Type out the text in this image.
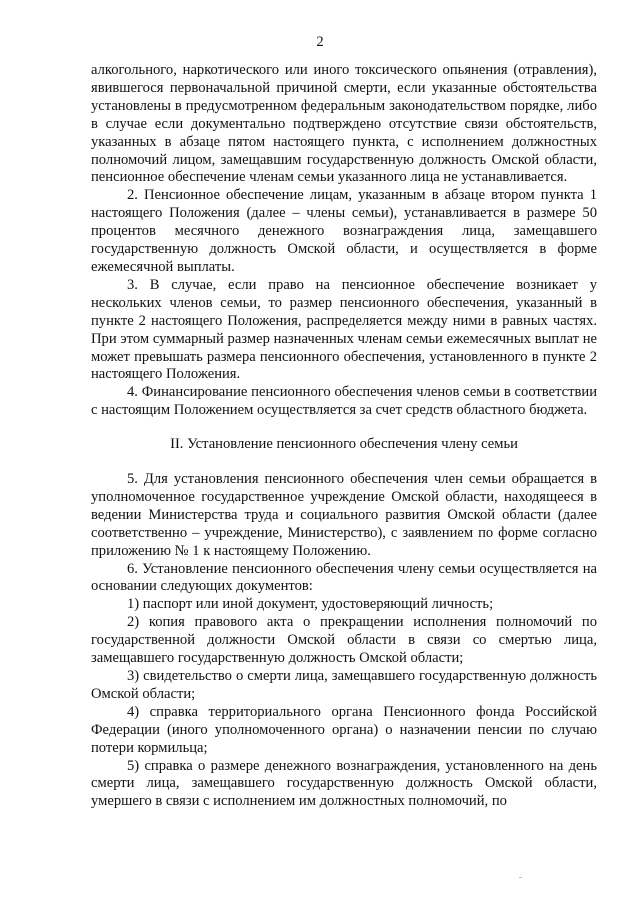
2

алкогольного, наркотического или иного токсического опьянения (отравления), явившегося первоначальной причиной смерти, если указанные обстоятельства установлены в предусмотренном федеральным законодательством порядке, либо в случае если документально подтверждено отсутствие связи обстоятельств, указанных в абзаце пятом настоящего пункта, с исполнением должностных полномочий лицом, замещавшим государственную должность Омской области, пенсионное обеспечение членам семьи указанного лица не устанавливается.

2. Пенсионное обеспечение лицам, указанным в абзаце втором пункта 1 настоящего Положения (далее – члены семьи), устанавливается в размере 50 процентов месячного денежного вознаграждения лица, замещавшего государственную должность Омской области, и осуществляется в форме ежемесячной выплаты.

3. В случае, если право на пенсионное обеспечение возникает у нескольких членов семьи, то размер пенсионного обеспечения, указанный в пункте 2 настоящего Положения, распределяется между ними в равных частях. При этом суммарный размер назначенных членам семьи ежемесячных выплат не может превышать размера пенсионного обеспечения, установленного в пункте 2 настоящего Положения.

4. Финансирование пенсионного обеспечения членов семьи в соответствии с настоящим Положением осуществляется за счет средств областного бюджета.

II. Установление пенсионного обеспечения члену семьи

5. Для установления пенсионного обеспечения член семьи обращается в уполномоченное государственное учреждение Омской области, находящееся в ведении Министерства труда и социального развития Омской области (далее соответственно – учреждение, Министерство), с заявлением по форме согласно приложению № 1 к настоящему Положению.

6. Установление пенсионного обеспечения члену семьи осуществляется на основании следующих документов:

1) паспорт или иной документ, удостоверяющий личность;

2) копия правового акта о прекращении исполнения полномочий по государственной должности Омской области в связи со смертью лица, замещавшего государственную должность Омской области;

3) свидетельство о смерти лица, замещавшего государственную должность Омской области;

4) справка территориального органа Пенсионного фонда Российской Федерации (иного уполномоченного органа) о назначении пенсии по случаю потери кормильца;

5) справка о размере денежного вознаграждения, установленного на день смерти лица, замещавшего государственную должность Омской области, умершего в связи с исполнением им должностных полномочий, по
